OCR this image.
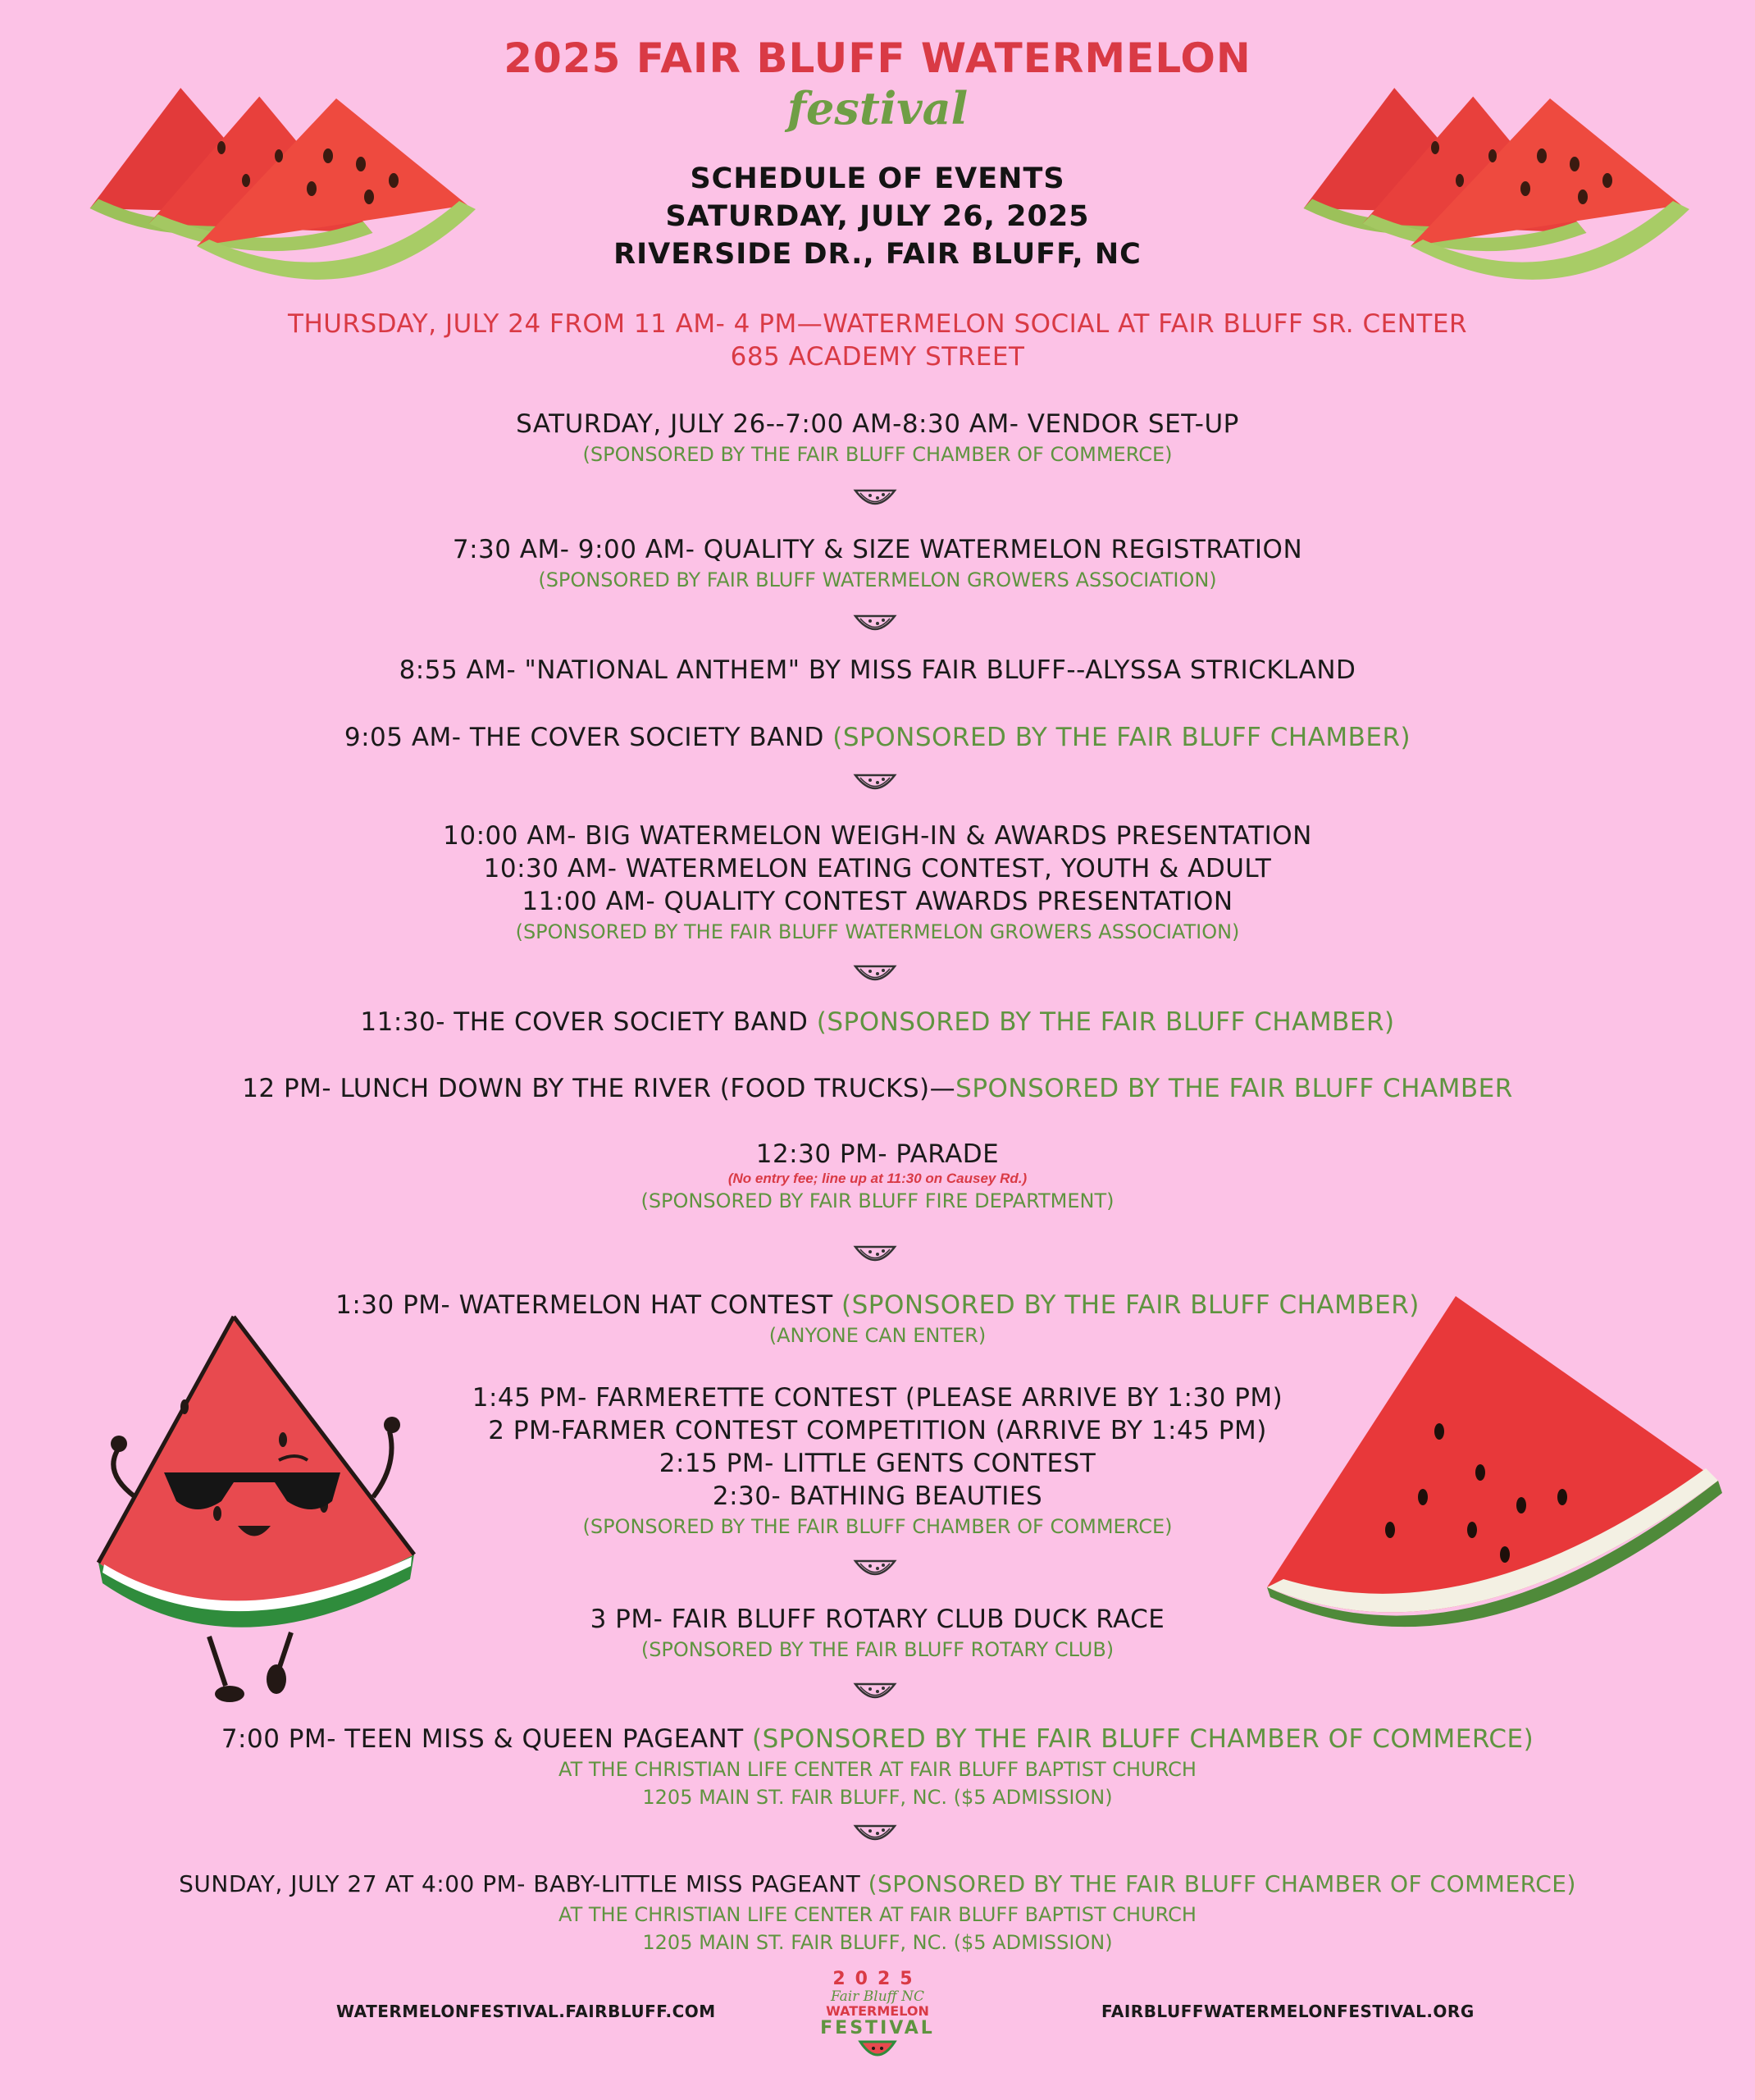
2025 FAIR BLUFF WATERMELON
festival
SCHEDULE OF EVENTS
SATURDAY, JULY 26, 2025
RIVERSIDE DR., FAIR BLUFF, NC
THURSDAY, JULY 24 FROM 11 AM- 4 PM—WATERMELON SOCIAL AT FAIR BLUFF SR. CENTER
685 ACADEMY STREET
SATURDAY, JULY 26--7:00 AM-8:30 AM- VENDOR SET-UP
(SPONSORED BY THE FAIR BLUFF CHAMBER OF COMMERCE)
7:30 AM- 9:00 AM- QUALITY & SIZE WATERMELON REGISTRATION
(SPONSORED BY FAIR BLUFF WATERMELON GROWERS ASSOCIATION)
8:55 AM- "NATIONAL ANTHEM" BY MISS FAIR BLUFF--ALYSSA STRICKLAND
9:05 AM- THE COVER SOCIETY BAND (SPONSORED BY THE FAIR BLUFF CHAMBER)
10:00 AM- BIG WATERMELON WEIGH-IN & AWARDS PRESENTATION
10:30 AM- WATERMELON EATING CONTEST, YOUTH & ADULT
11:00 AM- QUALITY CONTEST AWARDS PRESENTATION
(SPONSORED BY THE FAIR BLUFF WATERMELON GROWERS ASSOCIATION)
11:30- THE COVER SOCIETY BAND (SPONSORED BY THE FAIR BLUFF CHAMBER)
12 PM- LUNCH DOWN BY THE RIVER (FOOD TRUCKS)—SPONSORED BY THE FAIR BLUFF CHAMBER
12:30 PM- PARADE
(No entry fee; line up at 11:30 on Causey Rd.)
(SPONSORED BY FAIR BLUFF FIRE DEPARTMENT)
1:30 PM- WATERMELON HAT CONTEST (SPONSORED BY THE FAIR BLUFF CHAMBER)
(ANYONE CAN ENTER)
1:45 PM- FARMERETTE CONTEST (PLEASE ARRIVE BY 1:30 PM)
2 PM-FARMER CONTEST COMPETITION (ARRIVE BY 1:45 PM)
2:15 PM- LITTLE GENTS CONTEST
2:30- BATHING BEAUTIES
(SPONSORED BY THE FAIR BLUFF CHAMBER OF COMMERCE)
3 PM- FAIR BLUFF ROTARY CLUB DUCK RACE
(SPONSORED BY THE FAIR BLUFF ROTARY CLUB)
7:00 PM- TEEN MISS & QUEEN PAGEANT (SPONSORED BY THE FAIR BLUFF CHAMBER OF COMMERCE)
AT THE CHRISTIAN LIFE CENTER AT FAIR BLUFF BAPTIST CHURCH
1205 MAIN ST. FAIR BLUFF, NC. ($5 ADMISSION)
SUNDAY, JULY 27 AT 4:00 PM- BABY-LITTLE MISS PAGEANT (SPONSORED BY THE FAIR BLUFF CHAMBER OF COMMERCE)
AT THE CHRISTIAN LIFE CENTER AT FAIR BLUFF BAPTIST CHURCH
1205 MAIN ST. FAIR BLUFF, NC. ($5 ADMISSION)
WATERMELONFESTIVAL.FAIRBLUFF.COM	FAIRBLUFFWATERMELONFESTIVAL.ORG
2025
Fair Bluff NC
WATERMELON
FESTIVAL
